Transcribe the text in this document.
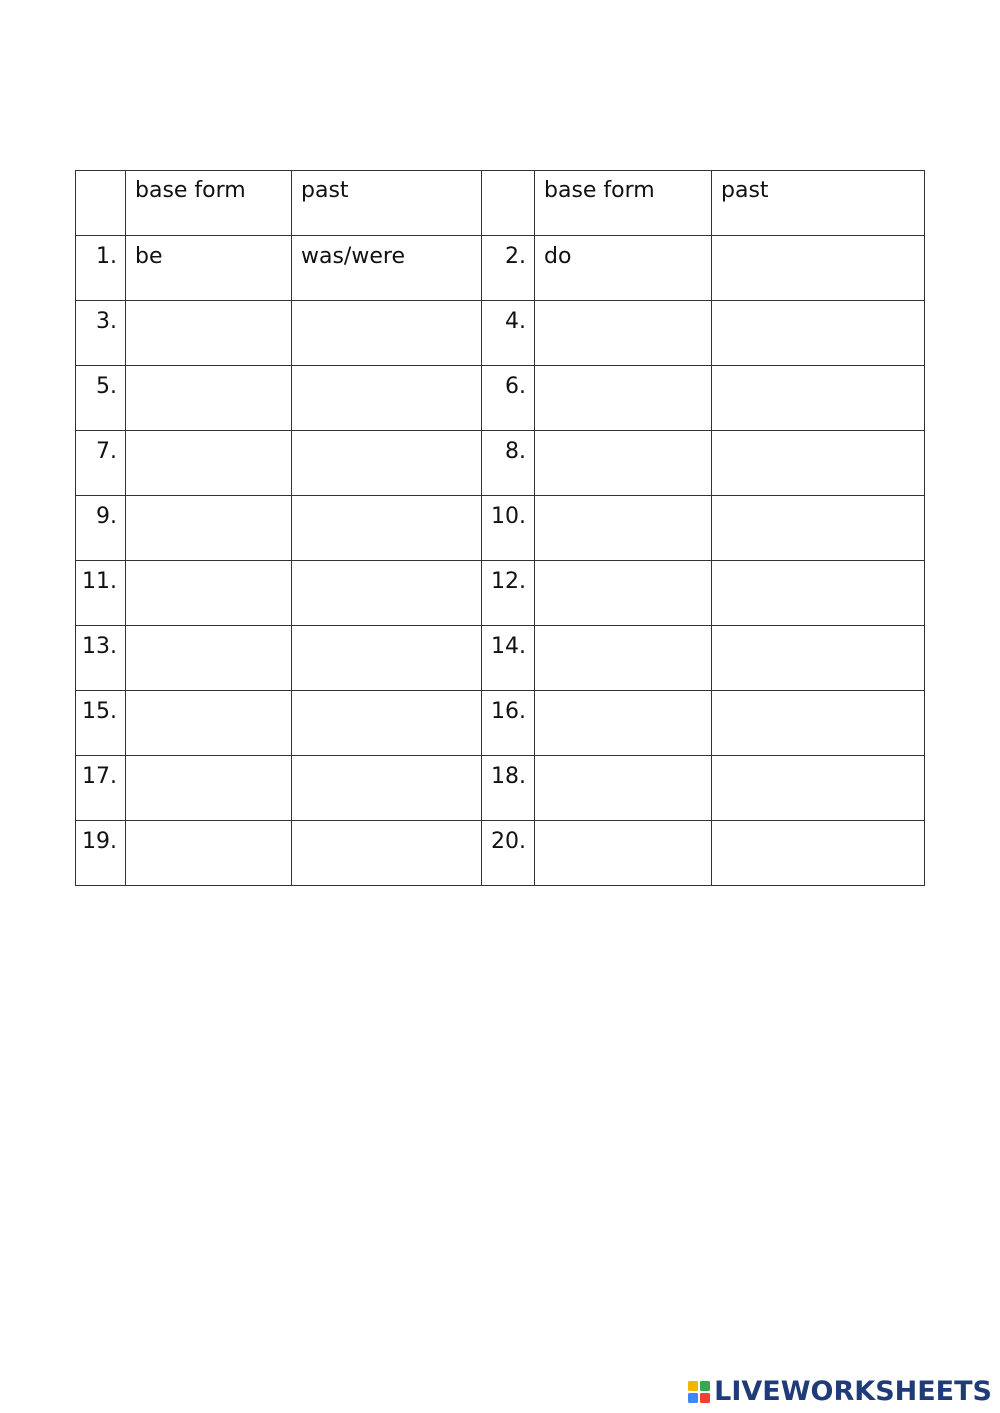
	base form	past		base form	past
1.	be	was/were	2.	do	
3.			4.		
5.			6.		
7.			8.		
9.			10.		
11.			12.		
13.			14.		
15.			16.		
17.			18.		
19.			20.		
LIVEWORKSHEETS
